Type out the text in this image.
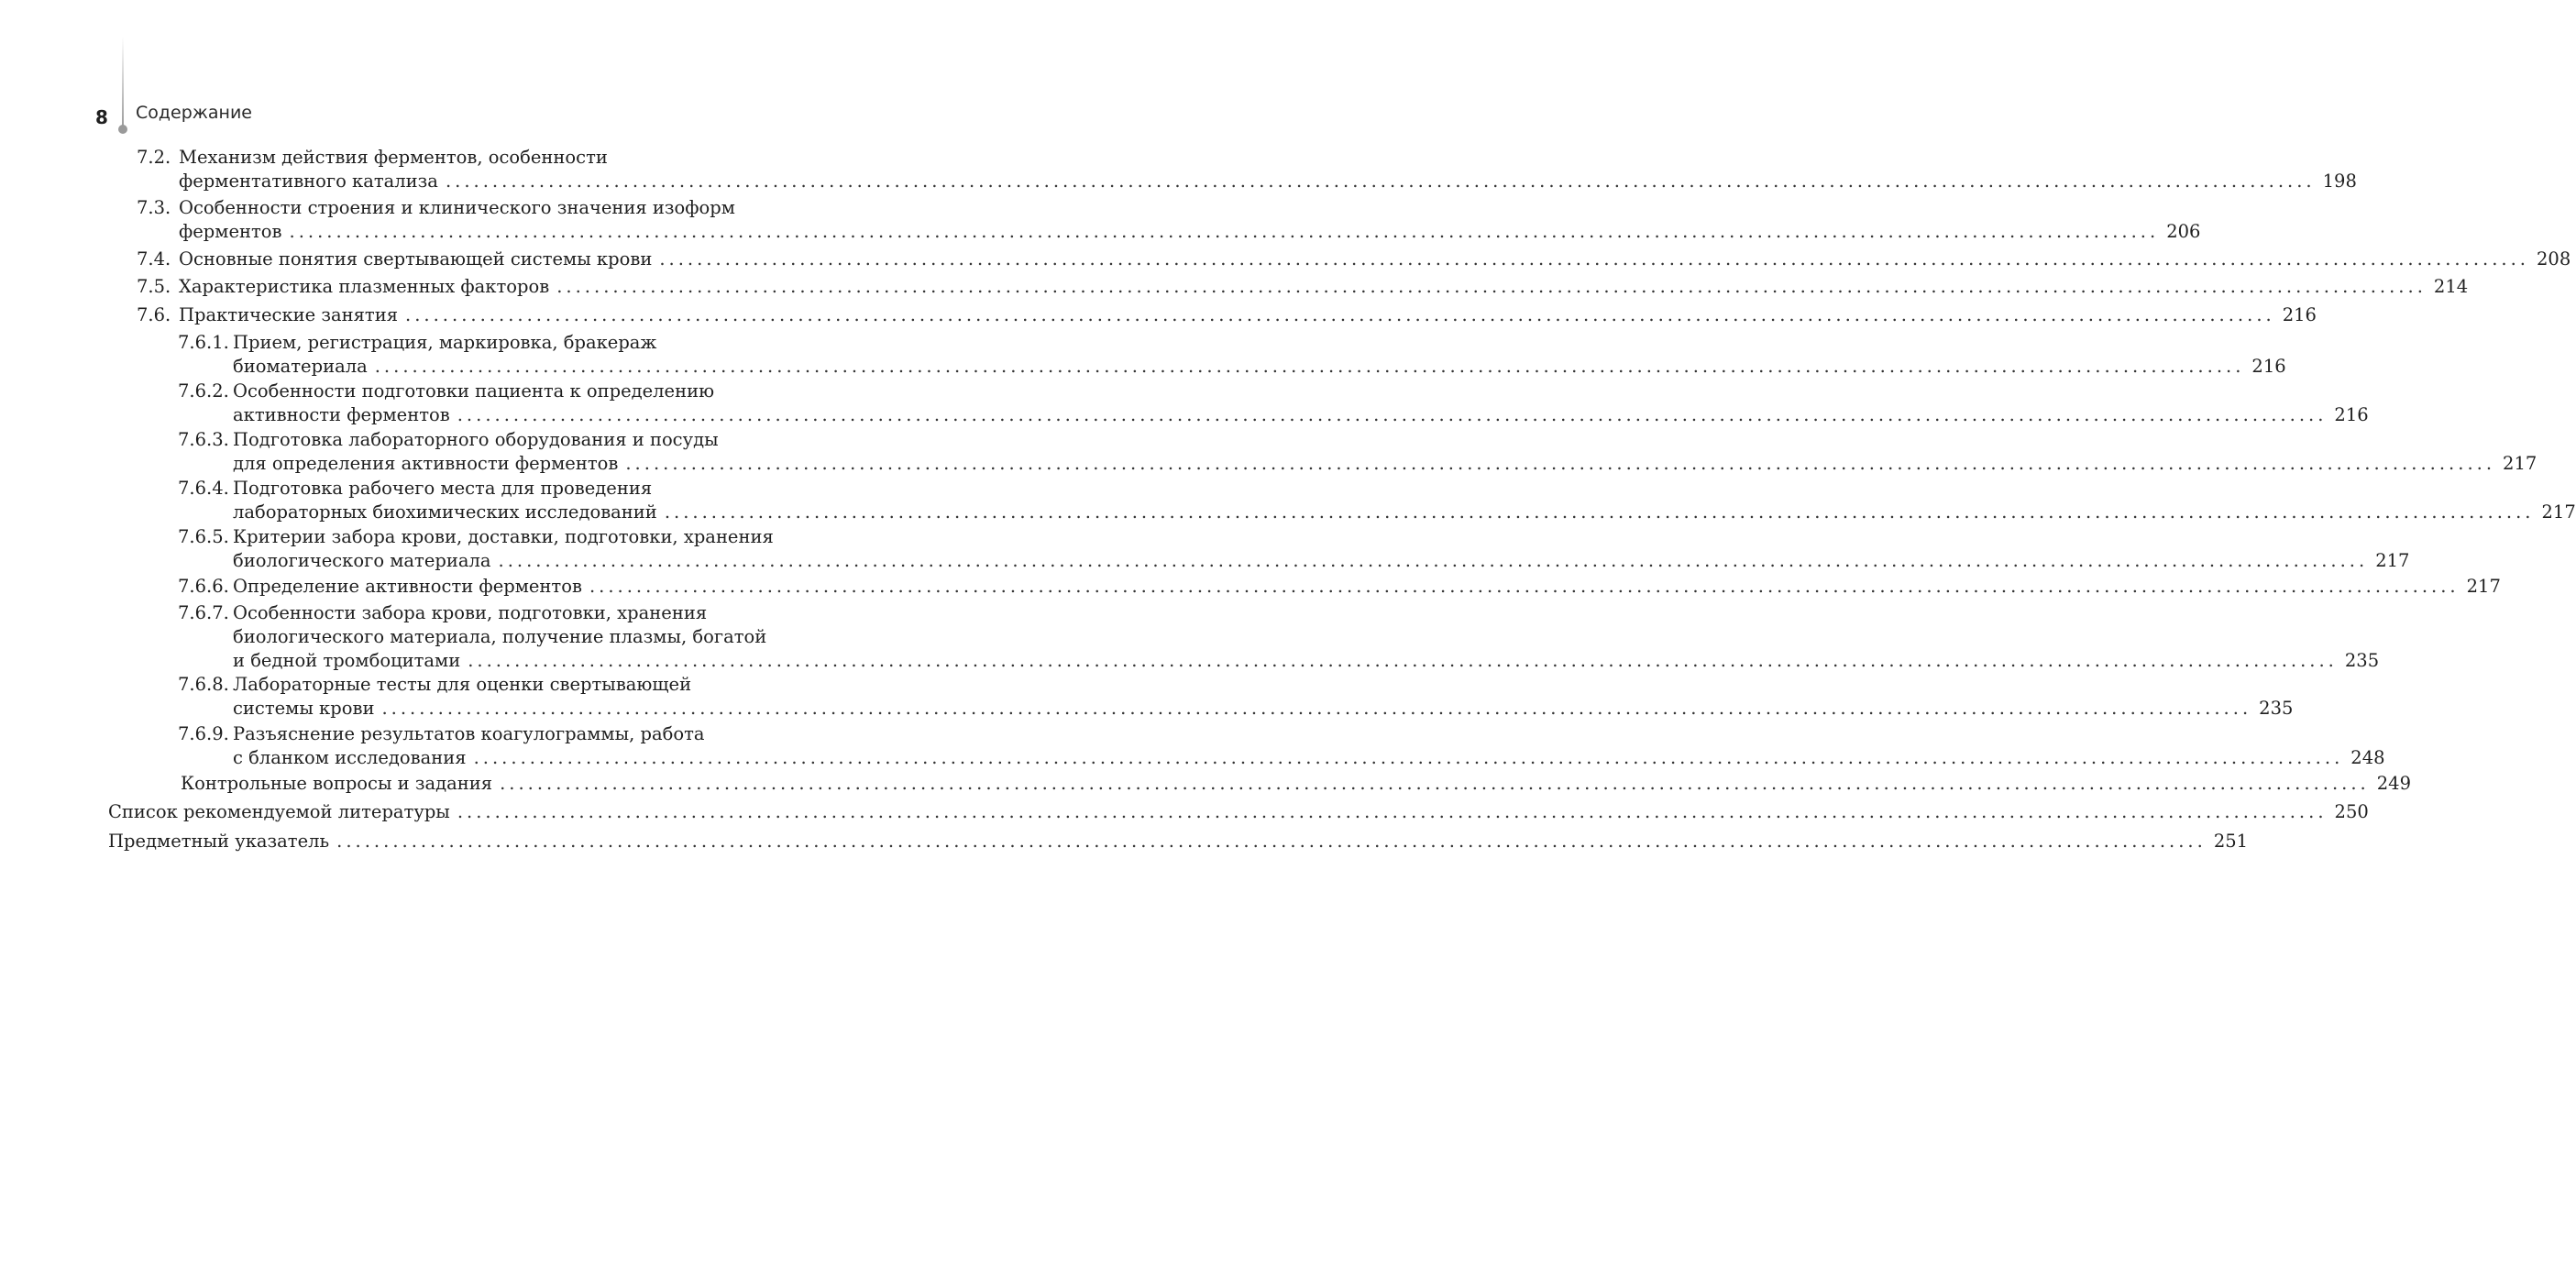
8 Содержание
7.2. Механизм действия ферментов, особенности
ферментативного катализа ........................................................................................................................................................................................................ 198
7.3. Особенности строения и клинического значения изоформ
ферментов ........................................................................................................................................................................................................ 206
7.4. Основные понятия свертывающей системы крови ........................................................................................................................................................................................................ 208
7.5. Характеристика плазменных факторов ........................................................................................................................................................................................................ 214
7.6. Практические занятия ........................................................................................................................................................................................................ 216
7.6.1. Прием, регистрация, маркировка, бракераж
биоматериала ........................................................................................................................................................................................................ 216
7.6.2. Особенности подготовки пациента к определению
активности ферментов ........................................................................................................................................................................................................ 216
7.6.3. Подготовка лабораторного оборудования и посуды
для определения активности ферментов ........................................................................................................................................................................................................ 217
7.6.4. Подготовка рабочего места для проведения
лабораторных биохимических исследований ........................................................................................................................................................................................................ 217
7.6.5. Критерии забора крови, доставки, подготовки, хранения
биологического материала ........................................................................................................................................................................................................ 217
7.6.6. Определение активности ферментов ........................................................................................................................................................................................................ 217
7.6.7. Особенности забора крови, подготовки, хранения
биологического материала, получение плазмы, богатой
и бедной тромбоцитами ........................................................................................................................................................................................................ 235
7.6.8. Лабораторные тесты для оценки свертывающей
системы крови ........................................................................................................................................................................................................ 235
7.6.9. Разъяснение результатов коагулограммы, работа
с бланком исследования ........................................................................................................................................................................................................ 248
Контрольные вопросы и задания ........................................................................................................................................................................................................ 249
Список рекомендуемой литературы ........................................................................................................................................................................................................ 250
Предметный указатель ........................................................................................................................................................................................................ 251
